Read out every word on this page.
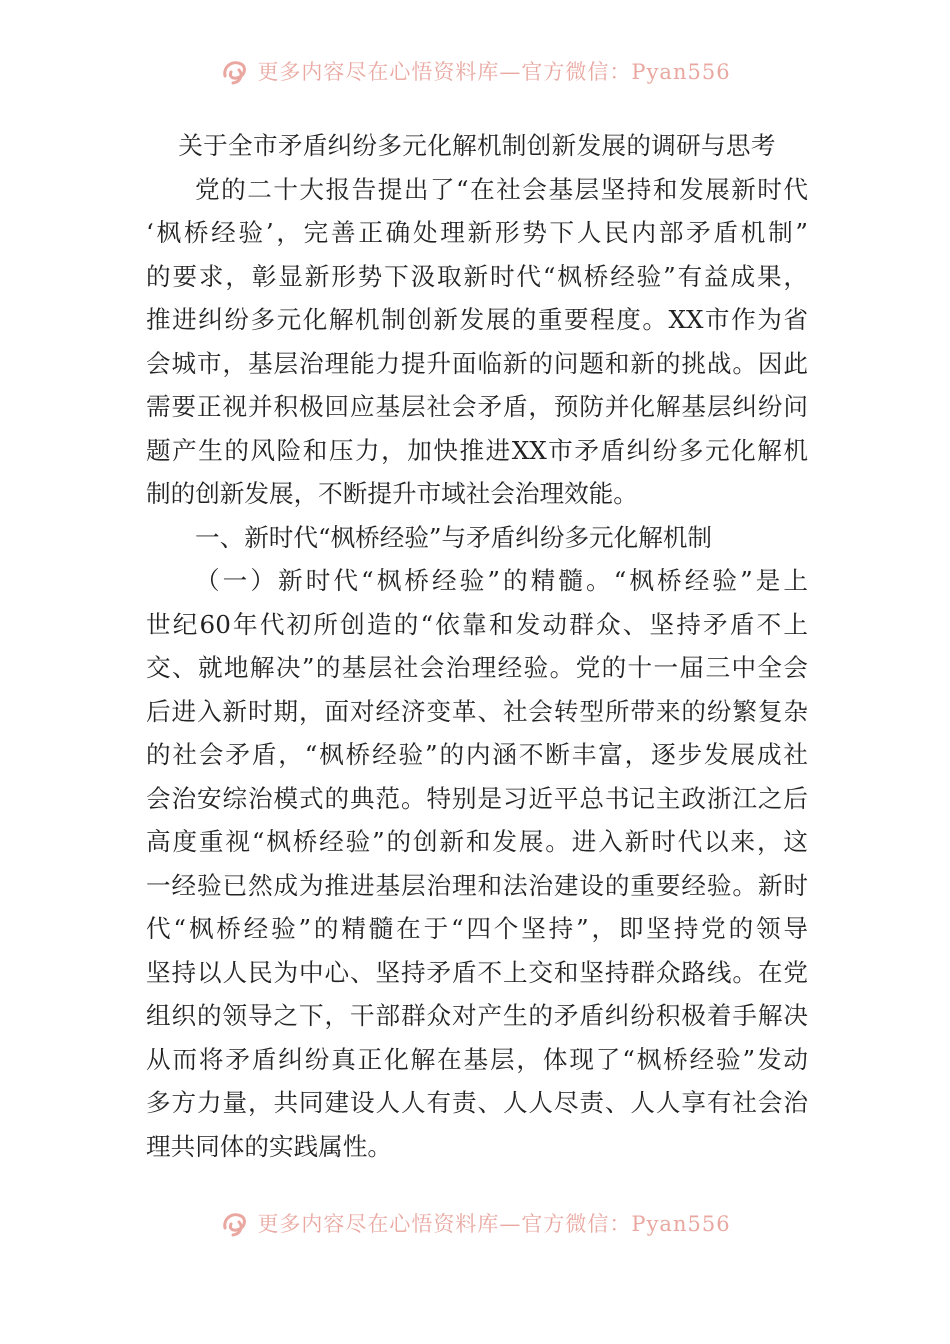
更多内容尽在心悟资料库—官方微信：Pyan556
关于全市矛盾纠纷多元化解机制创新发展的调研与思考
党的二十大报告提出了“在社会基层坚持和发展新时代
‘枫桥经验’，完善正确处理新形势下人民内部矛盾机制”
的要求，彰显新形势下汲取新时代“枫桥经验”有益成果，
推进纠纷多元化解机制创新发展的重要程度。XX市作为省
会城市，基层治理能力提升面临新的问题和新的挑战。因此
需要正视并积极回应基层社会矛盾，预防并化解基层纠纷问
题产生的风险和压力，加快推进XX市矛盾纠纷多元化解机
制的创新发展，不断提升市域社会治理效能。
一、新时代“枫桥经验”与矛盾纠纷多元化解机制
（一）新时代“枫桥经验”的精髓。“枫桥经验”是上
世纪60年代初所创造的“依靠和发动群众、坚持矛盾不上
交、就地解决”的基层社会治理经验。党的十一届三中全会
后进入新时期，面对经济变革、社会转型所带来的纷繁复杂
的社会矛盾，“枫桥经验”的内涵不断丰富，逐步发展成社
会治安综治模式的典范。特别是习近平总书记主政浙江之后
高度重视“枫桥经验”的创新和发展。进入新时代以来，这
一经验已然成为推进基层治理和法治建设的重要经验。新时
代“枫桥经验”的精髓在于“四个坚持”，即坚持党的领导
坚持以人民为中心、坚持矛盾不上交和坚持群众路线。在党
组织的领导之下，干部群众对产生的矛盾纠纷积极着手解决
从而将矛盾纠纷真正化解在基层，体现了“枫桥经验”发动
多方力量，共同建设人人有责、人人尽责、人人享有社会治
理共同体的实践属性。
更多内容尽在心悟资料库—官方微信：Pyan556
